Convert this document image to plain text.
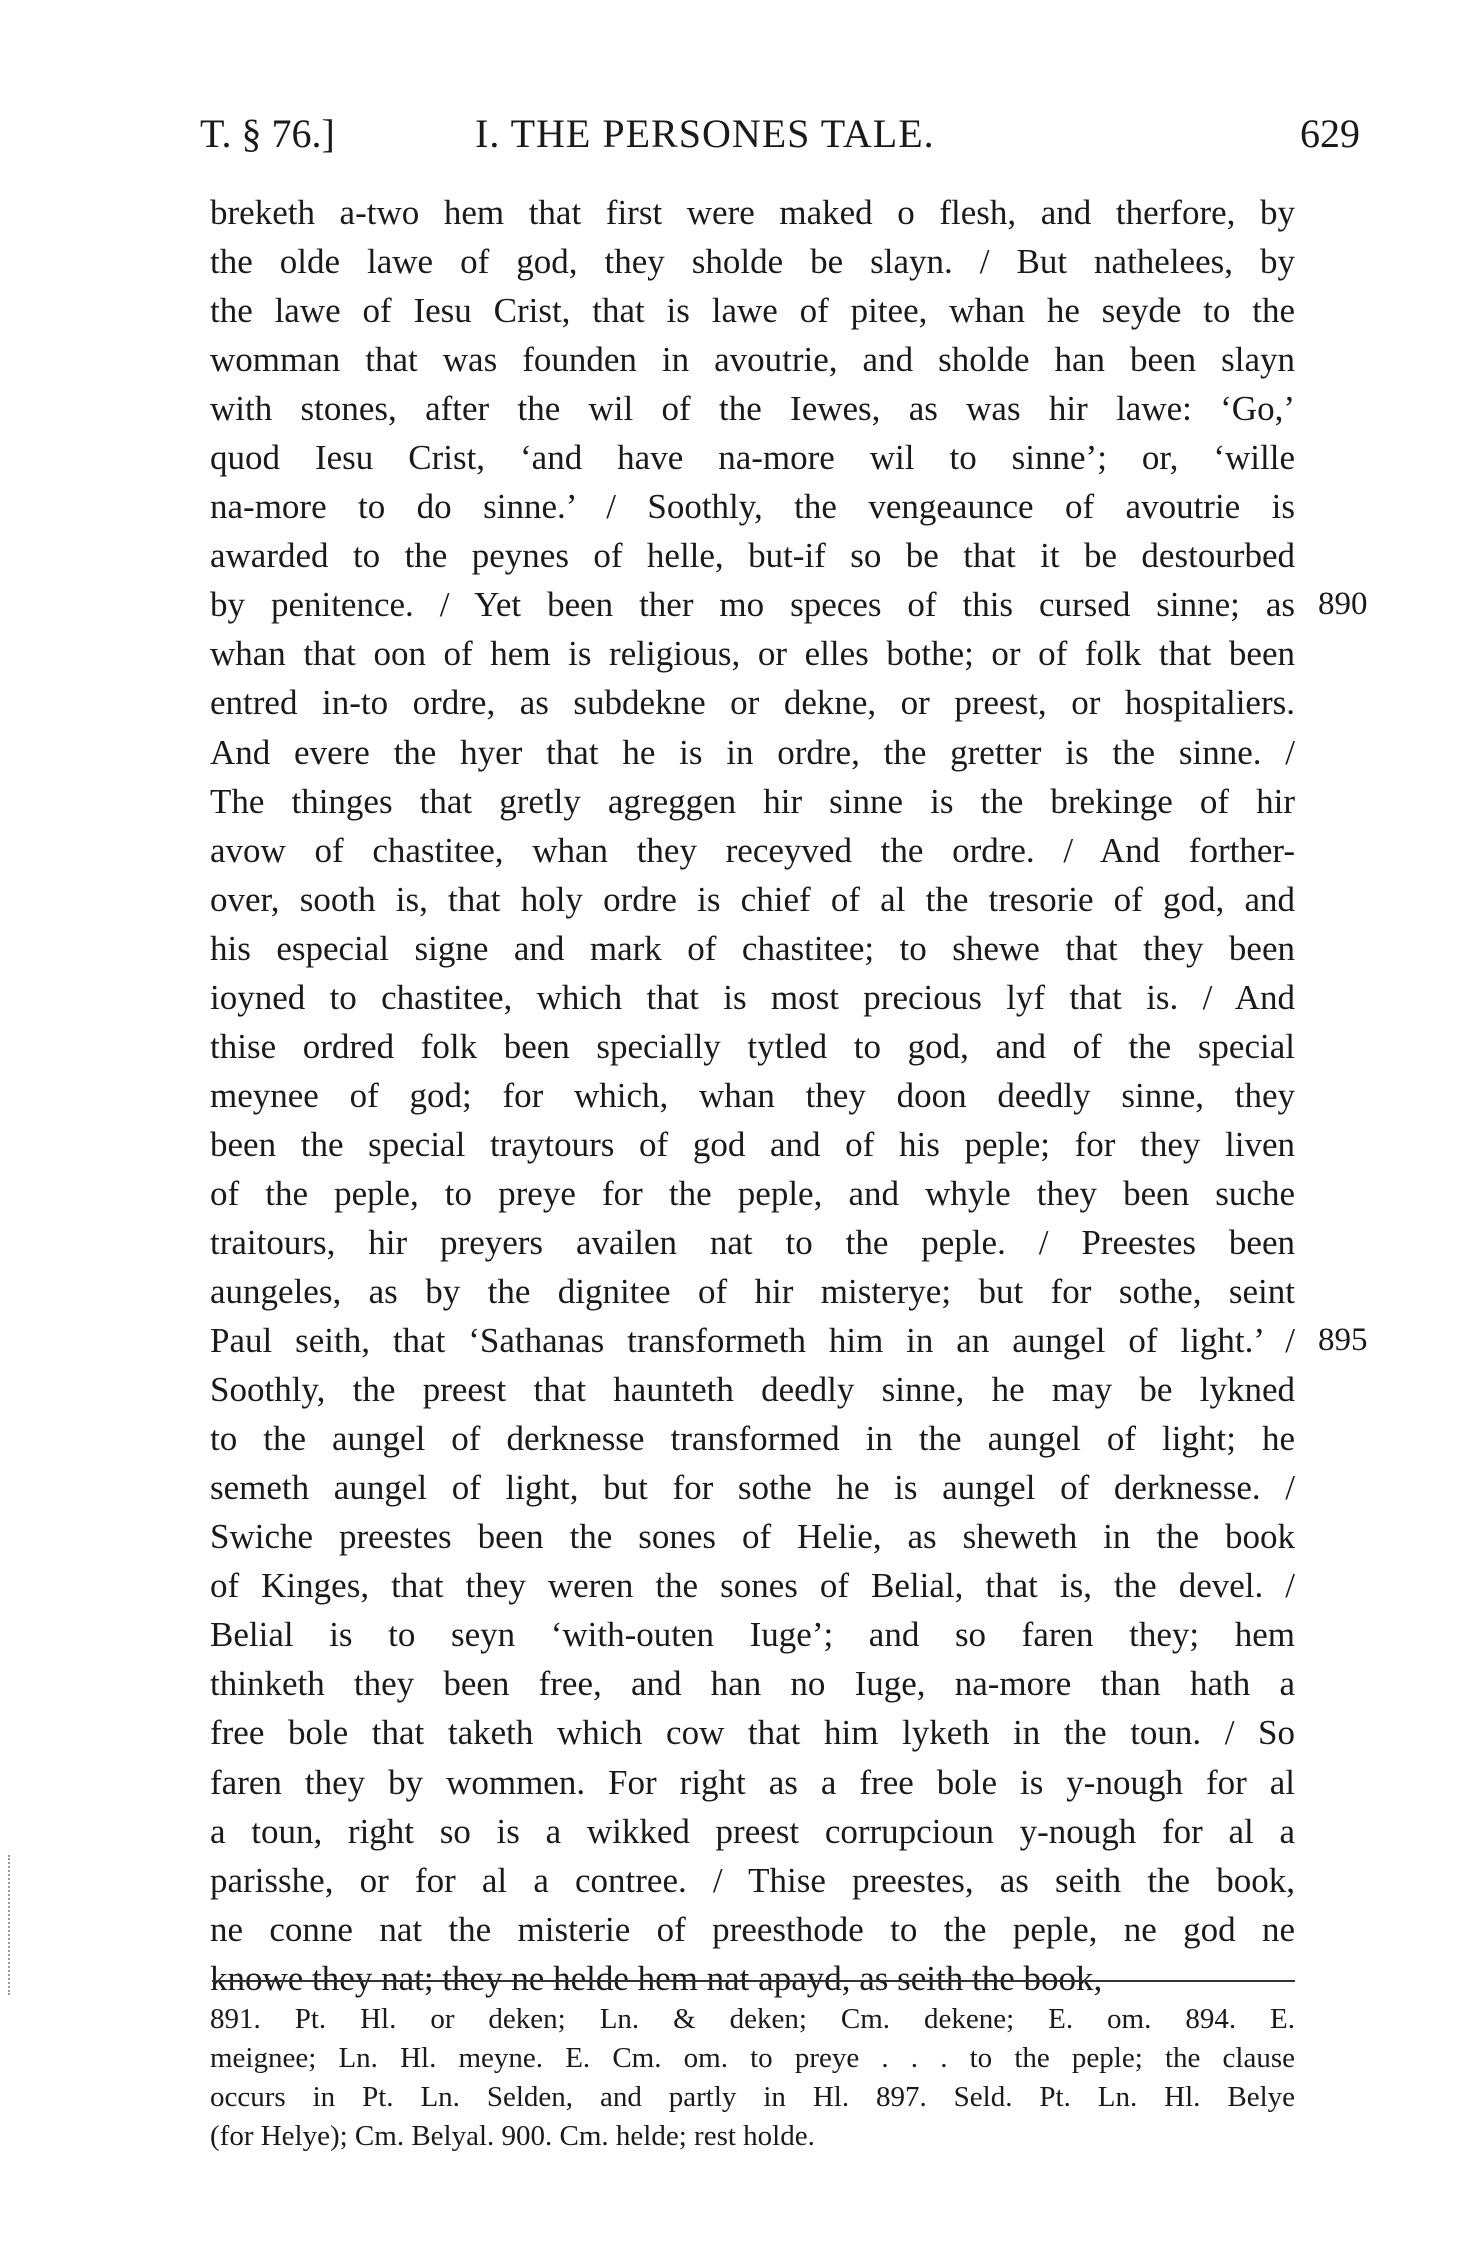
T. § 76.]	I. THE PERSONES TALE.	629
breketh a-two hem that first were maked o flesh, and therfore, by
the olde lawe of god, they sholde be slayn. / But nathelees, by
the lawe of Iesu Crist, that is lawe of pitee, whan he seyde to the
womman that was founden in avoutrie, and sholde han been slayn
with stones, after the wil of the Iewes, as was hir lawe: ‘Go,’
quod Iesu Crist, ‘and have na-more wil to sinne’; or, ‘wille
na-more to do sinne.’ / Soothly, the vengeaunce of avoutrie is
awarded to the peynes of helle, but-if so be that it be destourbed
by penitence. / Yet been ther mo speces of this cursed sinne; as
whan that oon of hem is religious, or elles bothe; or of folk that been
entred in-to ordre, as subdekne or dekne, or preest, or hospitaliers.
And evere the hyer that he is in ordre, the gretter is the sinne. /
The thinges that gretly agreggen hir sinne is the brekinge of hir
avow of chastitee, whan they receyved the ordre. / And forther-
over, sooth is, that holy ordre is chief of al the tresorie of god, and
his especial signe and mark of chastitee; to shewe that they been
ioyned to chastitee, which that is most precious lyf that is. / And
thise ordred folk been specially tytled to god, and of the special
meynee of god; for which, whan they doon deedly sinne, they
been the special traytours of god and of his peple; for they liven
of the peple, to preye for the peple, and whyle they been suche
traitours, hir preyers availen nat to the peple. / Preestes been
aungeles, as by the dignitee of hir misterye; but for sothe, seint
Paul seith, that ‘Sathanas transformeth him in an aungel of light.’ /
Soothly, the preest that haunteth deedly sinne, he may be lykned
to the aungel of derknesse transformed in the aungel of light; he
semeth aungel of light, but for sothe he is aungel of derknesse. /
Swiche preestes been the sones of Helie, as sheweth in the book
of Kinges, that they weren the sones of Belial, that is, the devel. /
Belial is to seyn ‘with-outen Iuge’; and so faren they; hem
thinketh they been free, and han no Iuge, na-more than hath a
free bole that taketh which cow that him lyketh in the toun. / So
faren they by wommen. For right as a free bole is y-nough for al
a toun, right so is a wikked preest corrupcioun y-nough for al a
parisshe, or for al a contree. / Thise preestes, as seith the book,
ne conne nat the misterie of preesthode to the peple, ne god ne
knowe they nat; they ne helde hem nat apayd, as seith the book,
890
895
891. Pt. Hl. or deken; Ln. & deken; Cm. dekene; E. om. 894. E.
meignee; Ln. Hl. meyne. E. Cm. om. to preye . . . to the peple; the clause
occurs in Pt. Ln. Selden, and partly in Hl. 897. Seld. Pt. Ln. Hl. Belye
(for Helye); Cm. Belyal. 900. Cm. helde; rest holde.
